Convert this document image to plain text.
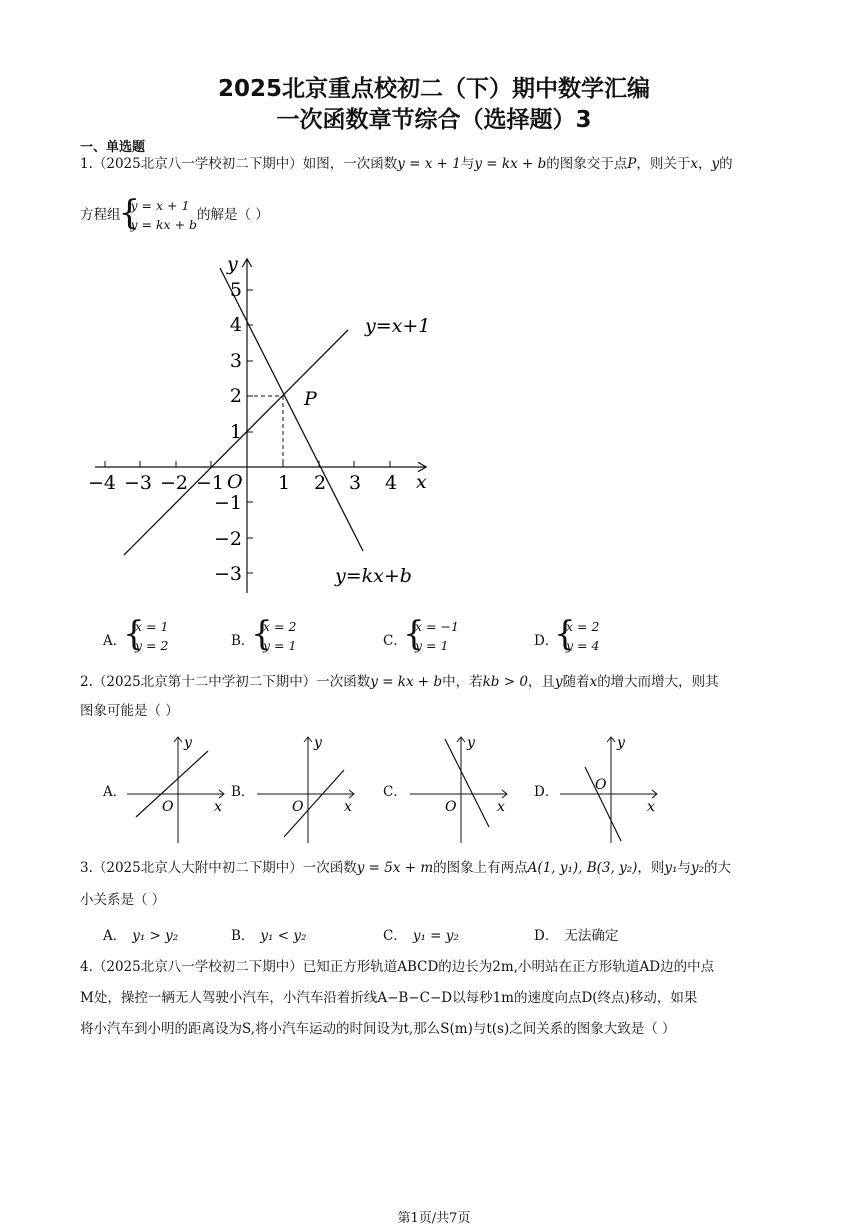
2025北京重点校初二（下）期中数学汇编
一次函数章节综合（选择题）3
一、单选题
1.（2025北京八一学校初二下期中）如图，一次函数y = x + 1与y = kx + b的图象交于点P，则关于x，y的
方程组{ y = x + 1
y = kx + b的解是（ ）
y
x
O
P
y=x+1
y=kx+b
−4 −3 −2 −1	1 2 3 4
5
4
3
2
1
−1
−2
−3
A．
{ x = 1
y = 2	B．
{ x = 2
y = 1	C．
{ x = −1
y = 1	D．
{ x = 2
y = 4
2.（2025北京第十二中学初二下期中）一次函数y = kx + b中，若kb > 0，且y随着x的增大而增大，则其
图象可能是（ ）
A．	B．	C．	D．
y
x
O
y
x
O
y
x
O
y
x
O
3.（2025北京人大附中初二下期中）一次函数y = 5x + m的图象上有两点A(1, y₁), B(3, y₂)，则y₁与y₂的大
小关系是（ ）
A． y₁ > y₂	B． y₁ < y₂	C． y₁ = y₂	D． 无法确定
4.（2025北京八一学校初二下期中）已知正方形轨道ABCD的边长为2m,小明站在正方形轨道AD边的中点
M处，操控一辆无人驾驶小汽车，小汽车沿着折线A−B−C−D以每秒1m的速度向点D(终点)移动，如果
将小汽车到小明的距离设为S,将小汽车运动的时间设为t,那么S(m)与t(s)之间关系的图象大致是（ ）
第1页/共7页
